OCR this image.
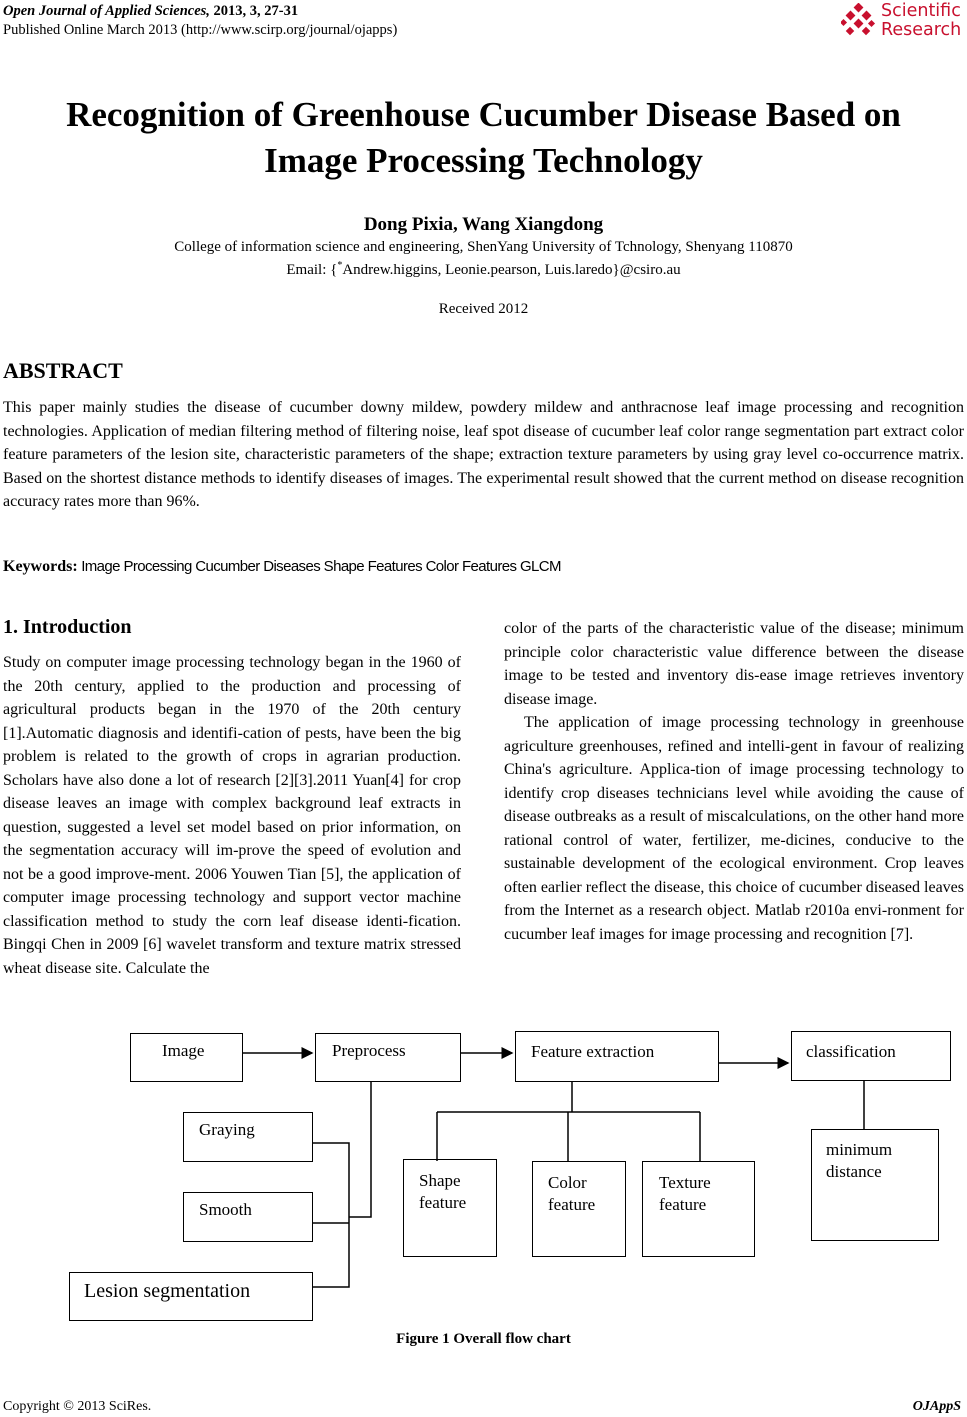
Open Journal of Applied Sciences, 2013, 3, 27-31
Published Online March 2013 (http://www.scirp.org/journal/ojapps)
Scientific
Research
Recognition of Greenhouse Cucumber Disease Based on
Image Processing Technology
Dong Pixia, Wang Xiangdong
College of information science and engineering, ShenYang University of Tchnology, Shenyang 110870
Email: {*Andrew.higgins, Leonie.pearson, Luis.laredo}@csiro.au
Received 2012
ABSTRACT
This paper mainly studies the disease of cucumber downy mildew, powdery mildew and anthracnose leaf image processing and recognition technologies. Application of median filtering method of filtering noise, leaf spot disease of cucumber leaf color range segmentation part extract color feature parameters of the lesion site, characteristic parameters of the shape; extraction texture parameters by using gray level co-occurrence matrix. Based on the shortest distance methods to identify diseases of images. The experimental result showed that the current method on disease recognition accuracy rates more than 96%.
Keywords: Image Processing Cucumber Diseases Shape Features Color Features GLCM
1. Introduction
Study on computer image processing technology began in the 1960 of the 20th century, applied to the production and processing of agricultural products began in the 1970 of the 20th century [1].Automatic diagnosis and identifi-cation of pests, have been the big problem is related to the growth of crops in agrarian production. Scholars have also done a lot of research [2][3].2011 Yuan[4] for crop disease leaves an image with complex background leaf extracts in question, suggested a level set model based on prior information, on the segmentation accuracy will im-prove the speed of evolution and not be a good improve-ment. 2006 Youwen Tian [5], the application of computer image processing technology and support vector machine classification method to study the corn leaf disease identi-fication. Bingqi Chen in 2009 [6] wavelet transform and texture matrix stressed wheat disease site. Calculate the
color of the parts of the characteristic value of the disease; minimum principle color characteristic value difference between the disease image to be tested and inventory dis-ease image retrieves inventory disease image.
The application of image processing technology in greenhouse agriculture greenhouses, refined and intelli-gent in favour of realizing China's agriculture. Applica-tion of image processing technology to identify crop diseases technicians level while avoiding the cause of disease outbreaks as a result of miscalculations, on the other hand more rational control of water, fertilizer, me-dicines, conducive to the sustainable development of the ecological environment. Crop leaves often earlier reflect the disease, this choice of cucumber diseased leaves from the Internet as a research object. Matlab r2010a envi-ronment for cucumber leaf images for image processing and recognition [7].
Image	Preprocess	Feature extraction	classification
Graying
Smooth
Lesion segmentation
Shape
feature
Color
feature
Texture
feature
minimum
distance
Figure 1 Overall flow chart
Copyright © 2013 SciRes.	OJAppS
